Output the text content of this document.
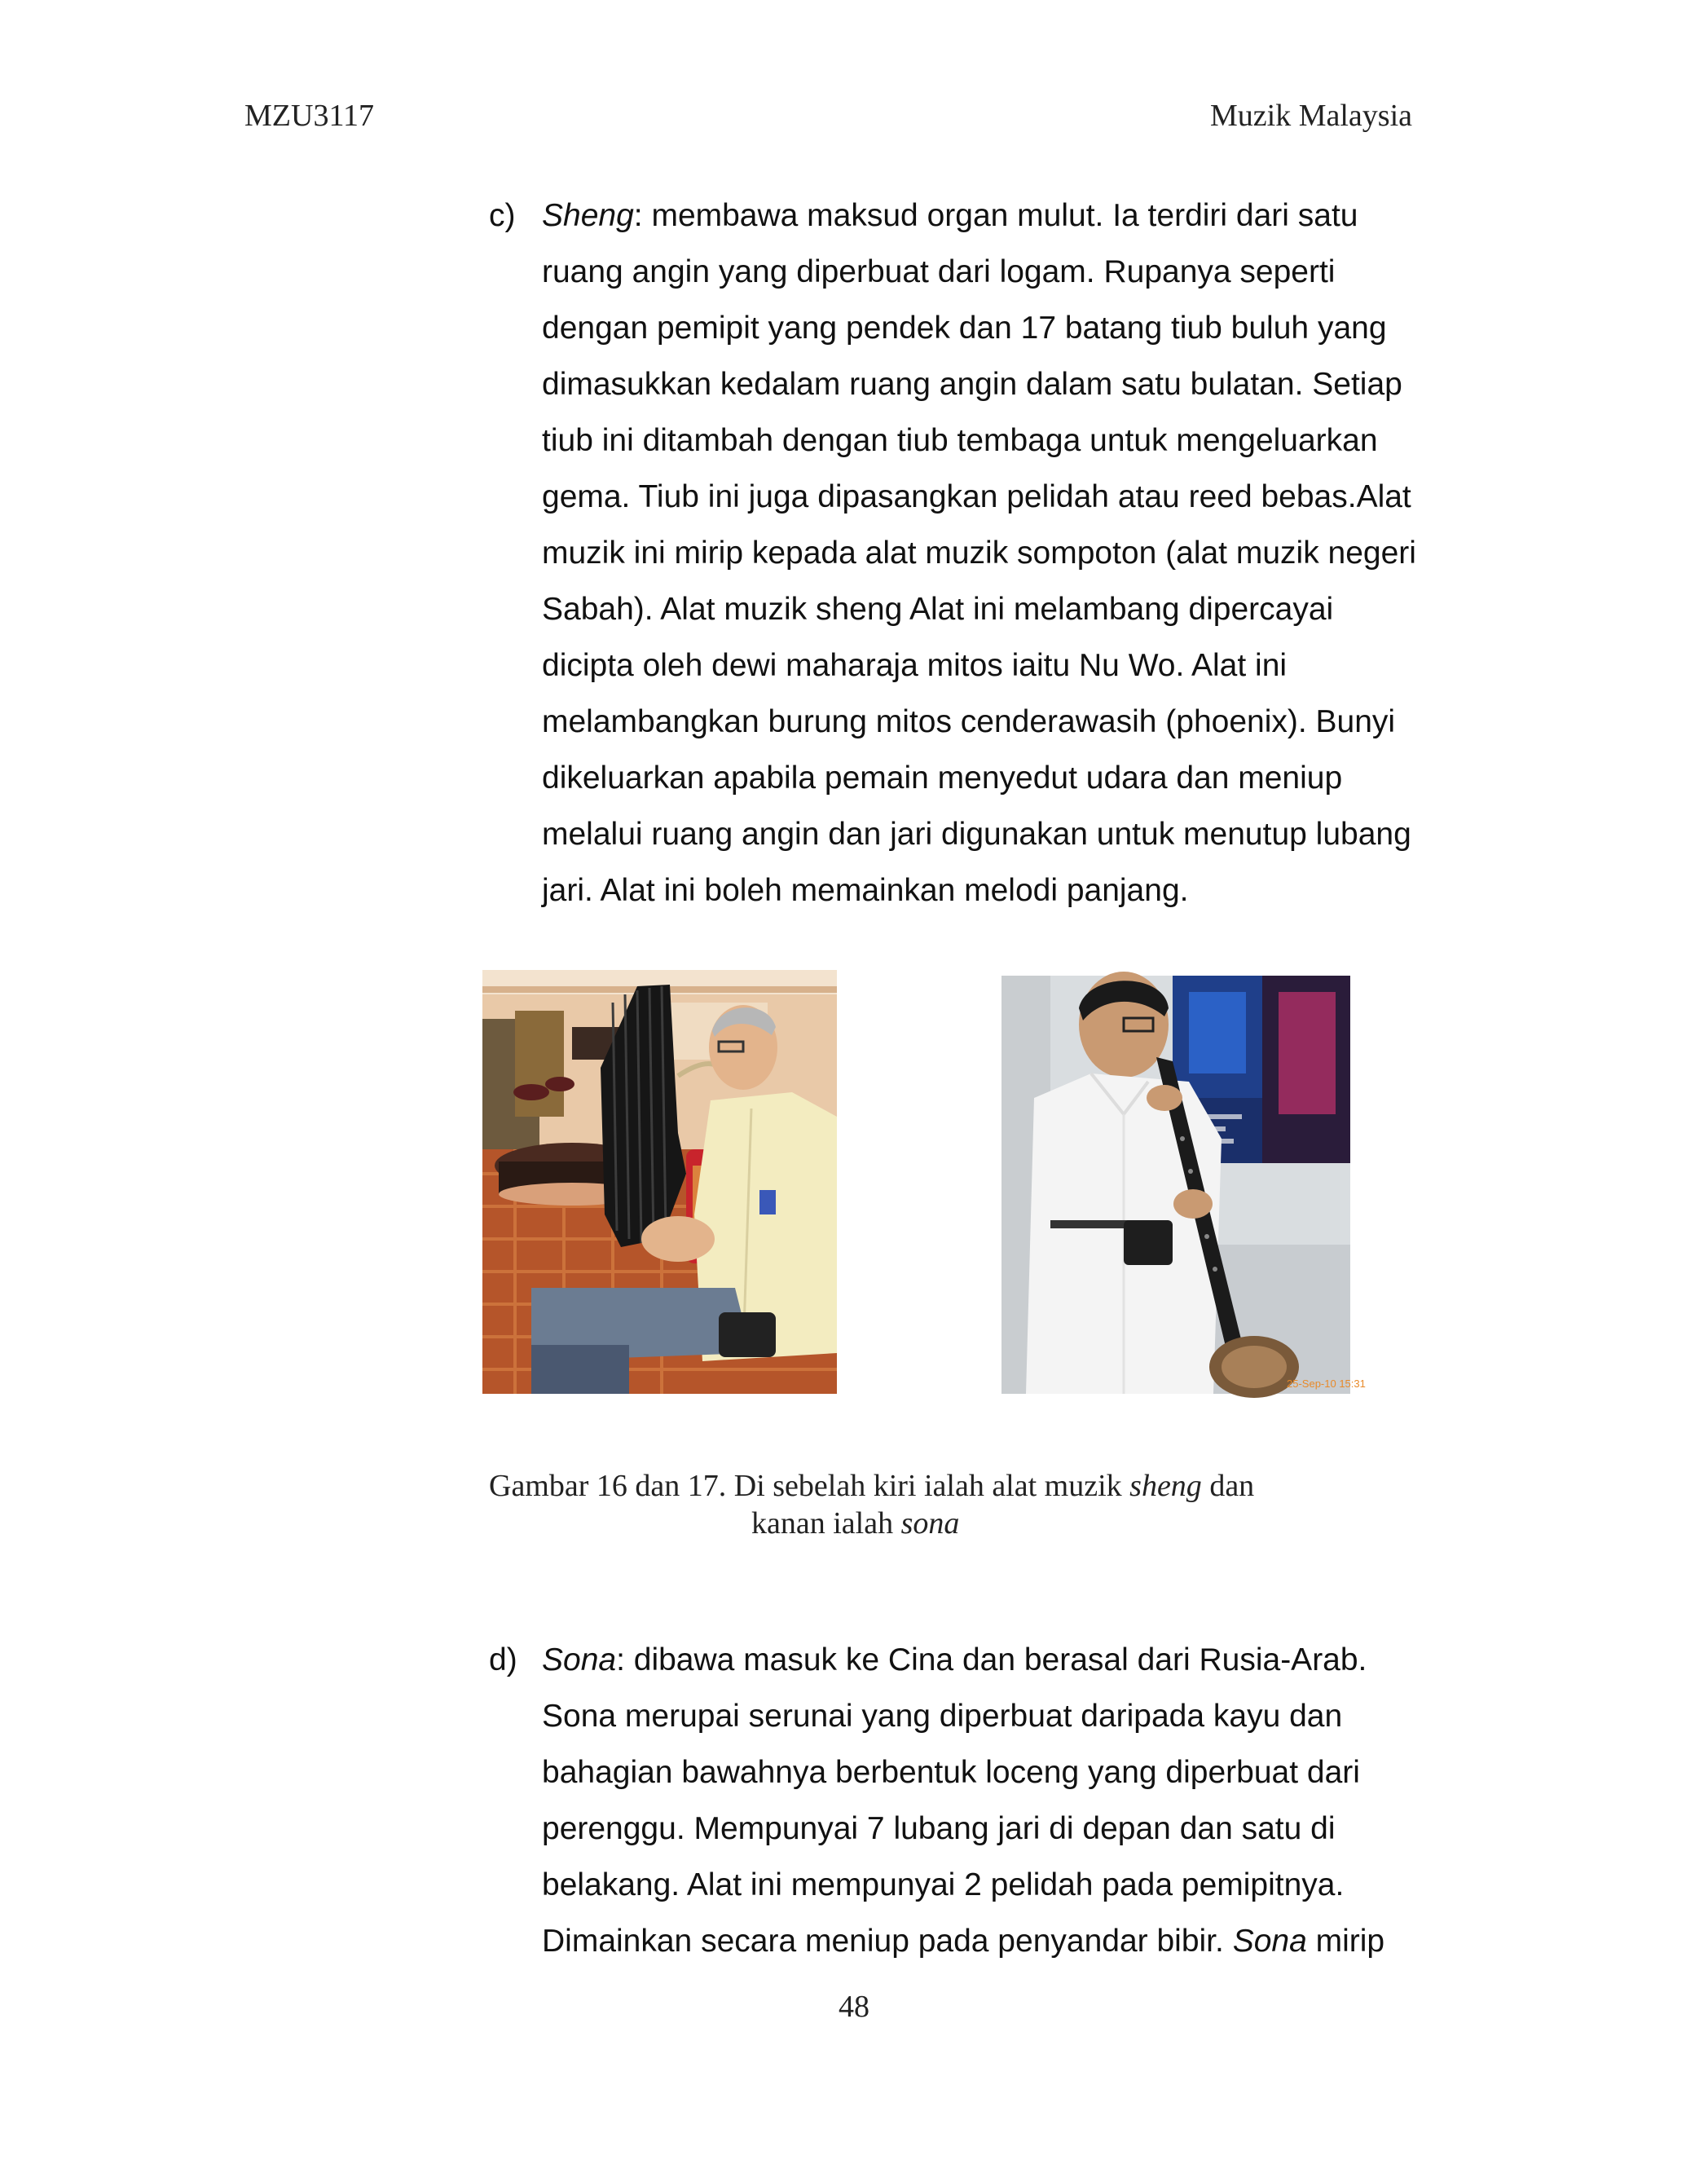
MZU3117	Muzik Malaysia
c) Sheng: membawa maksud organ mulut. Ia terdiri dari satu
ruang angin yang diperbuat dari logam. Rupanya seperti
dengan pemipit yang pendek dan 17 batang tiub buluh yang
dimasukkan kedalam ruang angin dalam satu bulatan. Setiap
tiub ini ditambah dengan tiub tembaga untuk mengeluarkan
gema. Tiub ini juga dipasangkan pelidah atau reed bebas.Alat
muzik ini mirip kepada alat muzik sompoton (alat muzik negeri
Sabah). Alat muzik sheng Alat ini melambang dipercayai
dicipta oleh dewi maharaja mitos iaitu Nu Wo. Alat ini
melambangkan burung mitos cenderawasih (phoenix). Bunyi
dikeluarkan apabila pemain menyedut udara dan meniup
melalui ruang angin dan jari digunakan untuk menutup lubang
jari. Alat ini boleh memainkan melodi panjang.
25-Sep-10 15:31
Gambar 16 dan 17. Di sebelah kiri ialah alat muzik sheng dan
kanan ialah sona
d) Sona: dibawa masuk ke Cina dan berasal dari Rusia-Arab.
Sona merupai serunai yang diperbuat daripada kayu dan
bahagian bawahnya berbentuk loceng yang diperbuat dari
perenggu. Mempunyai 7 lubang jari di depan dan satu di
belakang. Alat ini mempunyai 2 pelidah pada pemipitnya.
Dimainkan secara meniup pada penyandar bibir. Sona mirip
48
